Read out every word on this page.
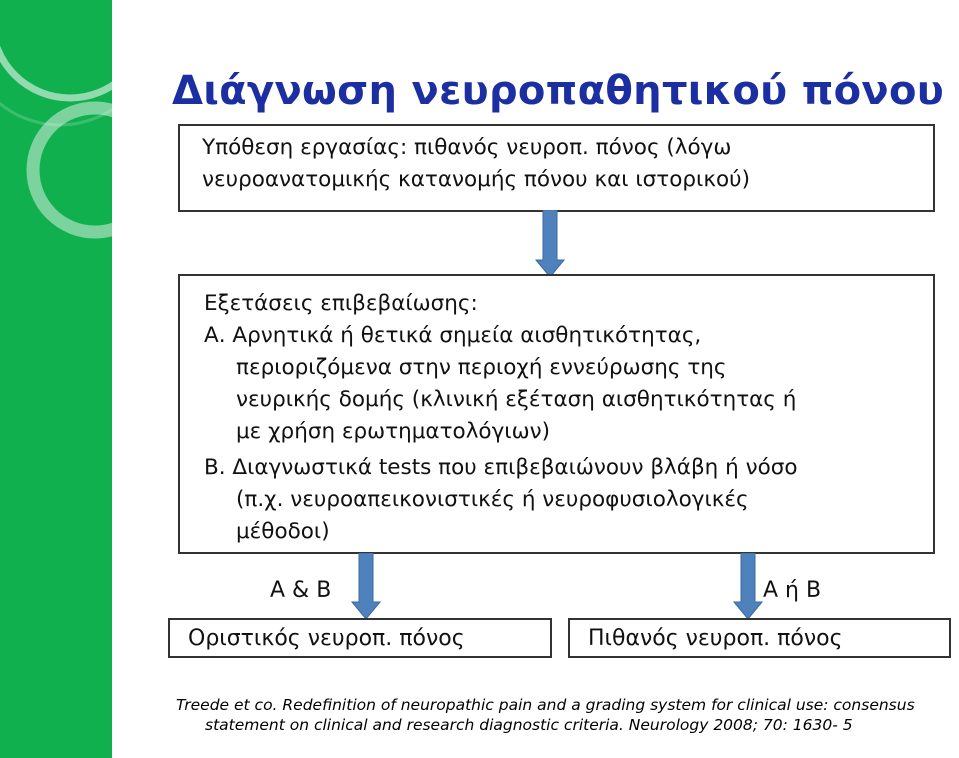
Διάγνωση νευροπαθητικού πόνου
Υπόθεση εργασίας: πιθανός νευροπ. πόνος (λόγω
νευροανατομικής κατανομής πόνου και ιστορικού)
Εξετάσεις επιβεβαίωσης:
Α. Αρνητικά ή θετικά σημεία αισθητικότητας,
περιοριζόμενα στην περιοχή εννεύρωσης της
νευρικής δομής (κλινική εξέταση αισθητικότητας ή
με χρήση ερωτηματολόγιων)
Β. Διαγνωστικά tests που επιβεβαιώνουν βλάβη ή νόσο
(π.χ. νευροαπεικονιστικές ή νευροφυσιολογικές
μέθοδοι)
Α & Β	Α ή Β
Οριστικός νευροπ. πόνος	Πιθανός νευροπ. πόνος
Treede et co. Redefinition of neuropathic pain and a grading system for clinical use: consensus
statement on clinical and research diagnostic criteria. Neurology 2008; 70: 1630- 5
